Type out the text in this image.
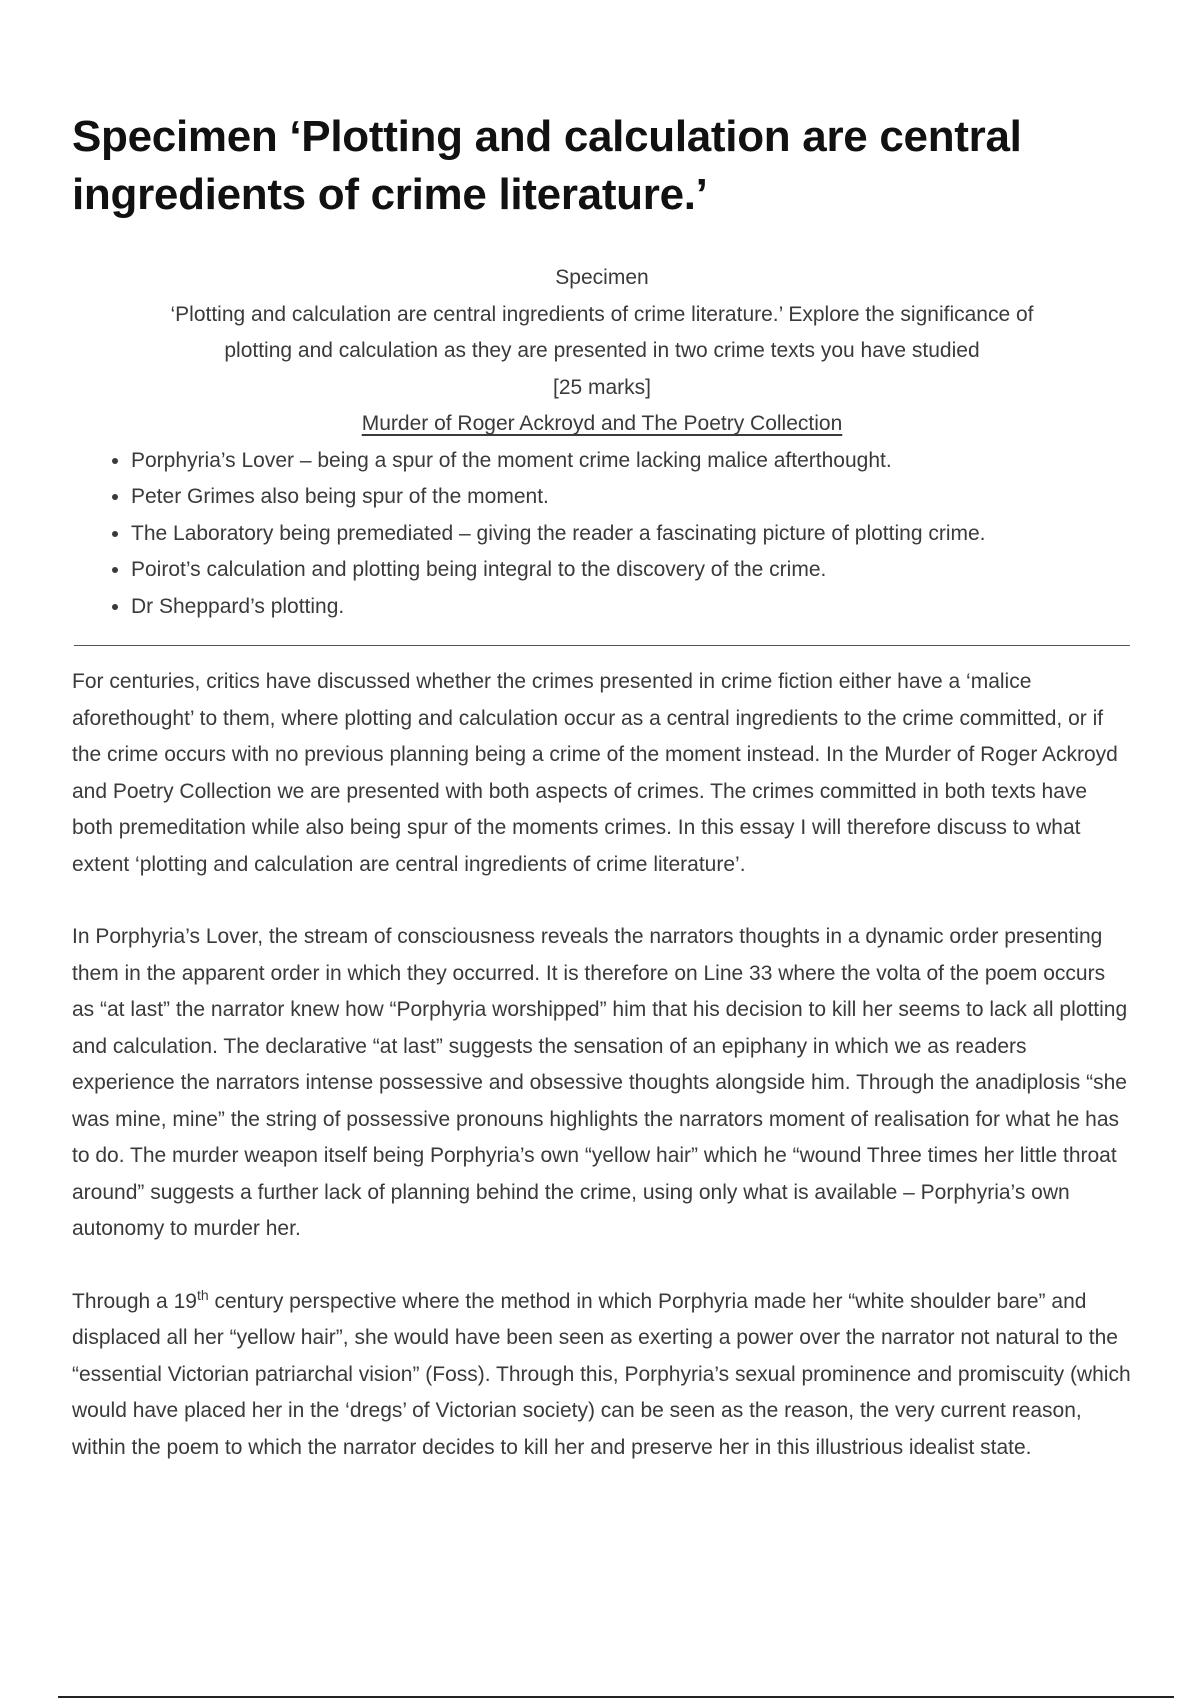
Specimen ‘Plotting and calculation are central ingredients of crime literature.’
Specimen
‘Plotting and calculation are central ingredients of crime literature.’ Explore the significance of
plotting and calculation as they are presented in two crime texts you have studied
[25 marks]
Murder of Roger Ackroyd and The Poetry Collection
• Porphyria’s Lover – being a spur of the moment crime lacking malice afterthought.
• Peter Grimes also being spur of the moment.
• The Laboratory being premediated – giving the reader a fascinating picture of plotting crime.
• Poirot’s calculation and plotting being integral to the discovery of the crime.
• Dr Sheppard’s plotting.

For centuries, critics have discussed whether the crimes presented in crime fiction either have a ‘malice aforethought’ to them, where plotting and calculation occur as a central ingredients to the crime committed, or if the crime occurs with no previous planning being a crime of the moment instead. In the Murder of Roger Ackroyd and Poetry Collection we are presented with both aspects of crimes. The crimes committed in both texts have both premeditation while also being spur of the moments crimes. In this essay I will therefore discuss to what extent ‘plotting and calculation are central ingredients of crime literature’.

In Porphyria’s Lover, the stream of consciousness reveals the narrators thoughts in a dynamic order presenting them in the apparent order in which they occurred. It is therefore on Line 33 where the volta of the poem occurs as “at last” the narrator knew how “Porphyria worshipped” him that his decision to kill her seems to lack all plotting and calculation. The declarative “at last” suggests the sensation of an epiphany in which we as readers experience the narrators intense possessive and obsessive thoughts alongside him. Through the anadiplosis “she was mine, mine” the string of possessive pronouns highlights the narrators moment of realisation for what he has to do. The murder weapon itself being Porphyria’s own “yellow hair” which he “wound Three times her little throat around” suggests a further lack of planning behind the crime, using only what is available – Porphyria’s own autonomy to murder her.

Through a 19th century perspective where the method in which Porphyria made her “white shoulder bare” and displaced all her “yellow hair”, she would have been seen as exerting a power over the narrator not natural to the “essential Victorian patriarchal vision” (Foss). Through this, Porphyria’s sexual prominence and promiscuity (which would have placed her in the ‘dregs’ of Victorian society) can be seen as the reason, the very current reason, within the poem to which the narrator decides to kill her and preserve her in this illustrious idealist state.
